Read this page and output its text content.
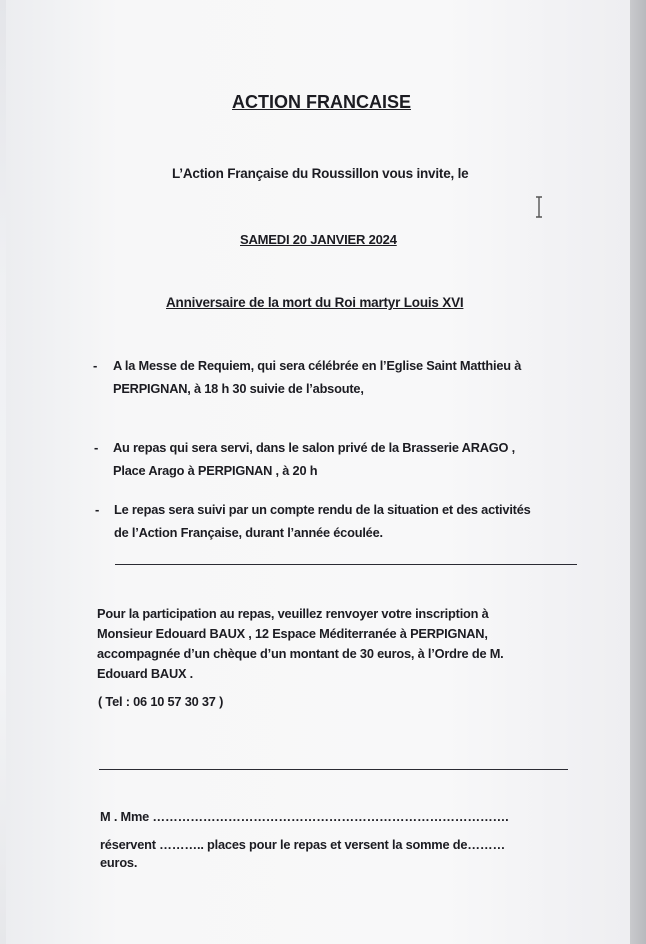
ACTION FRANCAISE
L’Action Française du Roussillon vous invite, le
SAMEDI 20 JANVIER 2024
Anniversaire de la mort du Roi martyr Louis XVI
- A la Messe de Requiem, qui sera célébrée en l’Eglise Saint Matthieu à
PERPIGNAN, à 18 h 30 suivie de l’absoute,
- Au repas qui sera servi, dans le salon privé de la Brasserie ARAGO ,
Place Arago à PERPIGNAN , à 20 h
- Le repas sera suivi par un compte rendu de la situation et des activités
de l’Action Française, durant l’année écoulée.
Pour la participation au repas, veuillez renvoyer votre inscription à
Monsieur Edouard BAUX , 12 Espace Méditerranée à PERPIGNAN,
accompagnée d’un chèque d’un montant de 30 euros, à l’Ordre de M.
Edouard BAUX .
( Tel : 06 10 57 30 37 )
M . Mme ………………………………………………………………………….
réservent ……….. places pour le repas et versent la somme de………
euros.
